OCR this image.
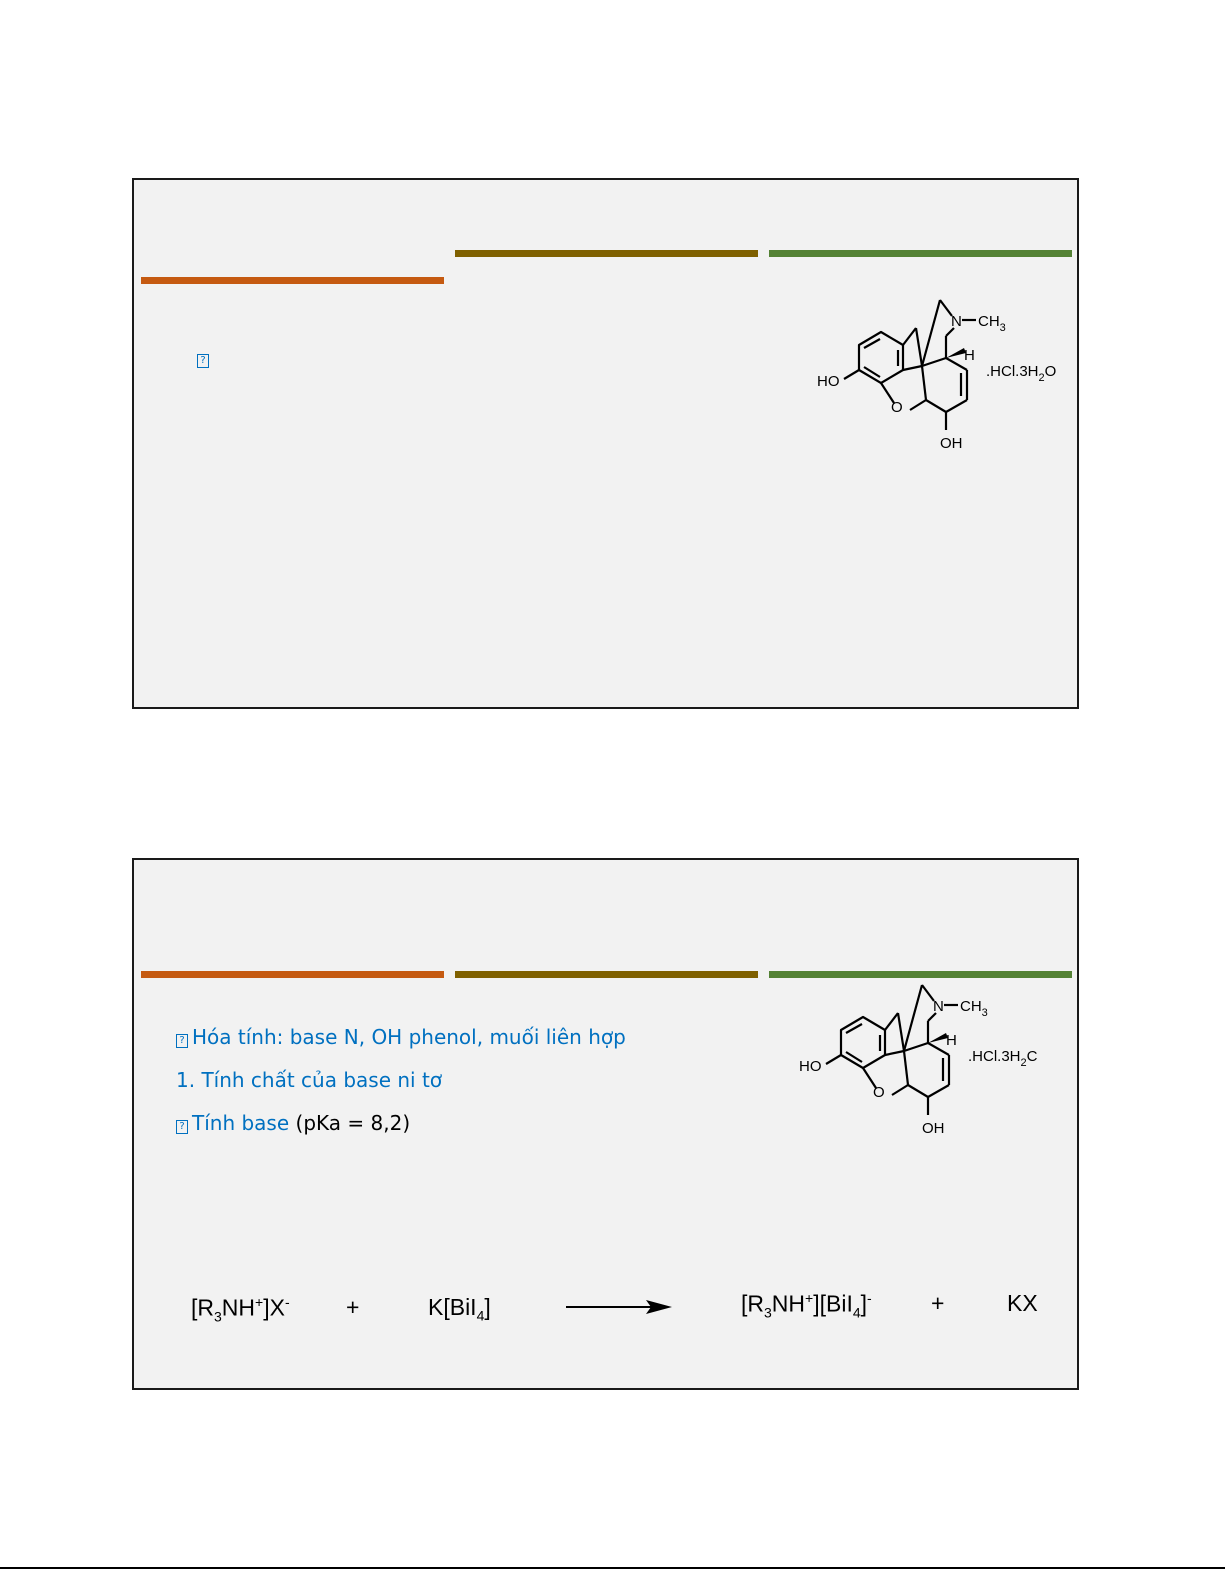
?
HO
O
OH
N $CH_3$
H
$.HCl.3H_2O$
? Hóa tính: base N, OH phenol, muối liên hợp
1. Tính chất của base ni tơ
? Tính base (pKa = 8,2)
HO
O
OH
N $CH_3$
H
$.HCl.3H_2C$
$[R_3NH^+]X^-$ +	K[BiI$_4$]	$[R_3NH^+][BiI_4]^-$	+	KX
